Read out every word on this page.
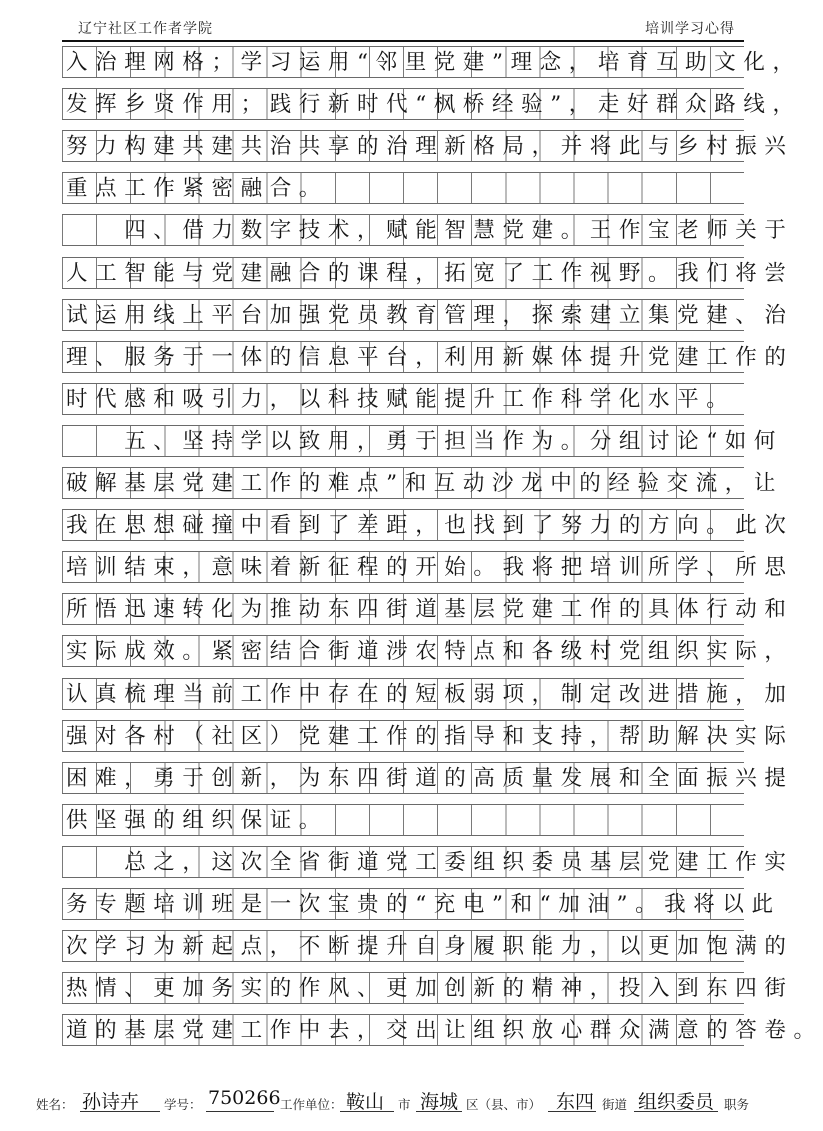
辽宁社区工作者学院	培训学习心得
入治理网格；学习运用“邻里党建”理念，培育互助文化，
发挥乡贤作用；践行新时代“枫桥经验”，走好群众路线，
努力构建共建共治共享的治理新格局，并将此与乡村振兴
重点工作紧密融合。
　　四、借力数字技术，赋能智慧党建。王作宝老师关于
人工智能与党建融合的课程，拓宽了工作视野。我们将尝
试运用线上平台加强党员教育管理，探索建立集党建、治
理、服务于一体的信息平台，利用新媒体提升党建工作的
时代感和吸引力，以科技赋能提升工作科学化水平。
　　五、坚持学以致用，勇于担当作为。分组讨论“如何
破解基层党建工作的难点”和互动沙龙中的经验交流，让
我在思想碰撞中看到了差距，也找到了努力的方向。此次
培训结束，意味着新征程的开始。我将把培训所学、所思
所悟迅速转化为推动东四街道基层党建工作的具体行动和
实际成效。紧密结合街道涉农特点和各级村党组织实际，
认真梳理当前工作中存在的短板弱项，制定改进措施，加
强对各村（社区）党建工作的指导和支持，帮助解决实际
困难，勇于创新，为东四街道的高质量发展和全面振兴提
供坚强的组织保证。
　　总之，这次全省街道党工委组织委员基层党建工作实
务专题培训班是一次宝贵的“充电”和“加油”。我将以此
次学习为新起点，不断提升自身履职能力，以更加饱满的
热情、更加务实的作风、更加创新的精神，投入到东四街
道的基层党建工作中去，交出让组织放心群众满意的答卷。
姓名： 孙诗卉 学号： 750266 工作单位： 鞍山 市 海城 区（县、市） 东四 街道 组织委员 职务
